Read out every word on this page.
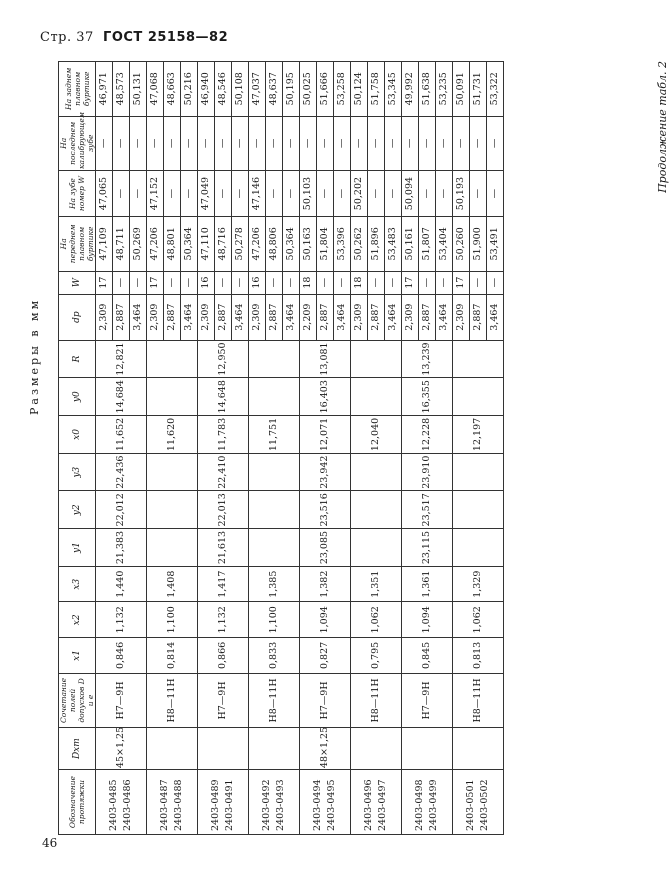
Стр. 37 ГОСТ 25158—82
Размеры в мм
Продолжение табл. 2
Обозначение протяжки	Dxm	Сочетание полей допусков D и е	x1	x2	x3	y1	y2	y3	x0	y0	R	dp	W	На переднем плавном буртике	На зубе номер W	На последнем калибрующем зубе	На заднем плавном буртике
2403-0485 2403-0486	45×1,25	H7—9H	0,846	1,132	1,440	21,383	22,012	22,436	11,652	14,684	12,821	2,309	17	47,109	47,065	—	46,971
												2,887	—	48,711	—	—	48,573
												3,464	—	50,269	—	—	50,131
2403-0487 2403-0488		H8—11H	0,814	1,100	1,408				11,620			2,309	17	47,206	47,152	—	47,068
												2,887	—	48,801	—	—	48,663
												3,464	—	50,364	—	—	50,216
2403-0489 2403-0491		H7—9H	0,866	1,132	1,417	21,613	22,013	22,410	11,783	14,648	12,950	2,309	16	47,110	47,049	—	46,940
												2,887	—	48,716	—	—	48,546
												3,464	—	50,278	—	—	50,108
2403-0492 2403-0493		H8—11H	0,833	1,100	1,385				11,751			2,309	16	47,206	47,146	—	47,037
												2,887	—	48,806	—	—	48,637
												3,464	—	50,364	—	—	50,195
2403-0494 2403-0495	48×1,25	H7—9H	0,827	1,094	1,382	23,085	23,516	23,942	12,071	16,403	13,081	2,209	18	50,163	50,103	—	50,025
												2,887	—	51,804	—	—	51,666
												3,464	—	53,396	—	—	53,258
2403-0496 2403-0497		H8—11H	0,795	1,062	1,351				12,040			2,309	18	50,262	50,202	—	50,124
												2,887	—	51,896	—	—	51,758
												3,464	—	53,483	—	—	53,345
2403-0498 2403-0499		H7—9H	0,845	1,094	1,361	23,115	23,517	23,910	12,228	16,355	13,239	2,309	17	50,161	50,094	—	49,992
												2,887	—	51,807	—	—	51,638
												3,464	—	53,404	—	—	53,235
2403-0501 2403-0502		H8—11H	0,813	1,062	1,329				12,197			2,309	17	50,260	50,193	—	50,091
												2,887	—	51,900	—	—	51,731
												3,464	—	53,491	—	—	53,322
46
